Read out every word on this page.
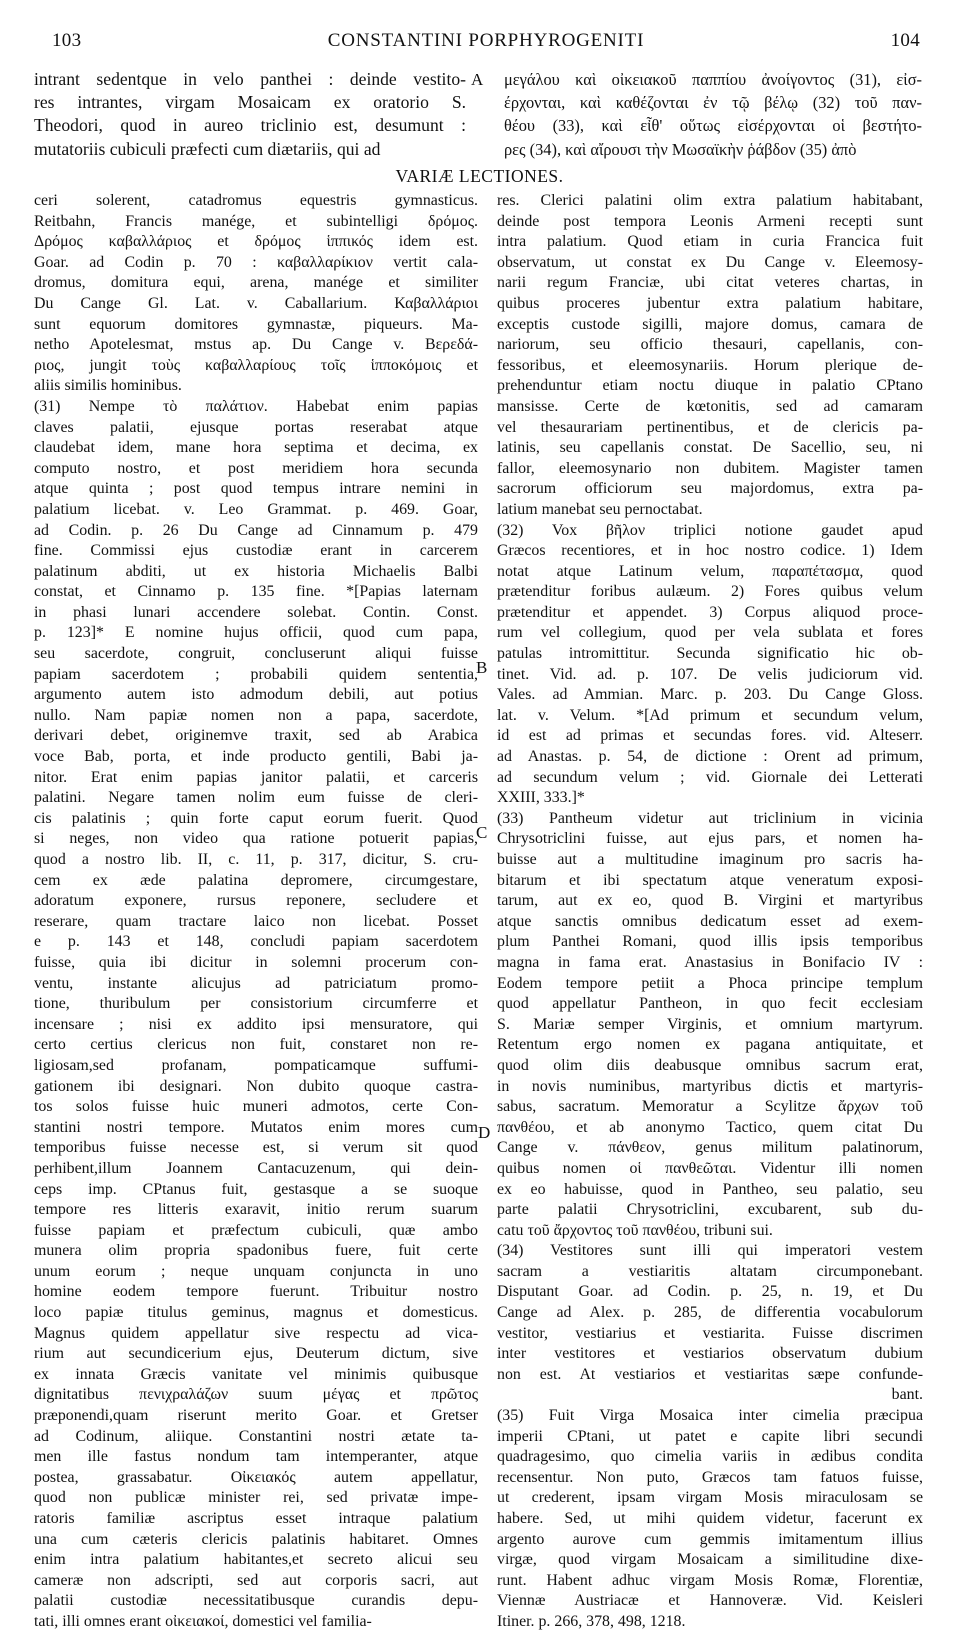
103	CONSTANTINI PORPHYROGENITI	104
intrant sedentque in velo panthei : deinde vestito-
res intrantes, virgam Mosaicam ex oratorio S.
Theodori, quod in aureo triclinio est, desumunt :
mutatoriis cubiculi præfecti cum diætariis, qui ad
μεγάλου καὶ οἰκειακοῦ παππίου ἀνοίγοντος (31), εἰσ-
έρχονται, καὶ καθέζονται ἐν τῷ βέλῳ (32) τοῦ παν-
θέου (33), καὶ εἶθ' οὕτως εἰσέρχονται οἱ βεστήτο-
ρες (34), καὶ αἴρουσι τὴν Μωσαϊκὴν ῥάβδον (35) ἀπὸ
VARIÆ LECTIONES.
ceri solerent, catadromus equestris gymnasticus.
Reitbahn, Francis manége, et subintelligi δρόμος.
Δρόμος καβαλλάριος et δρόμος ἱππικός idem est.
Goar. ad Codin p. 70 : καβαλλαρίκιον vertit cala-
dromus, domitura equi, arena, manége et similiter
Du Cange Gl. Lat. v. Caballarium. Καβαλλάριοι
sunt equorum domitores gymnastæ, piqueurs. Ma-
netho Apotelesmat, mstus ap. Du Cange v. Βερεδά-
ριος, jungit τοὺς καβαλλαρίους τοῖς ἱπποκόμοις et
aliis similis hominibus.
(31) Nempe τὸ παλάτιον. Habebat enim papias
claves palatii, ejusque portas reserabat atque
claudebat idem, mane hora septima et decima, ex
computo nostro, et post meridiem hora secunda
atque quinta ; post quod tempus intrare nemini in
palatium licebat. v. Leo Grammat. p. 469. Goar,
ad Codin. p. 26 Du Cange ad Cinnamum p. 479
fine. Commissi ejus custodiæ erant in carcerem
palatinum abditi, ut ex historia Michaelis Balbi
constat, et Cinnamo p. 135 fine. *[Papias laternam
in phasi lunari accendere solebat. Contin. Const.
p. 123]* E nomine hujus officii, quod cum papa,
seu sacerdote, congruit, concluserunt aliqui fuisse
papiam sacerdotem ; probabili quidem sententia,
argumento autem isto admodum debili, aut potius
nullo. Nam papiæ nomen non a papa, sacerdote,
derivari debet, originemve traxit, sed ab Arabica
voce Bab, porta, et inde producto gentili, Babi ja-
nitor. Erat enim papias janitor palatii, et carceris
palatini. Negare tamen nolim eum fuisse de cleri-
cis palatinis ; quin forte caput eorum fuerit. Quod
si neges, non video qua ratione potuerit papias,
quod a nostro lib. II, c. 11, p. 317, dicitur, S. cru-
cem ex æde palatina depromere, circumgestare,
adoratum exponere, rursus reponere, secludere et
reserare, quam tractare laico non licebat. Posset
e p. 143 et 148, concludi papiam sacerdotem
fuisse, quia ibi dicitur in solemni procerum con-
ventu, instante alicujus ad patriciatum promo-
tione, thuribulum per consistorium circumferre et
incensare ; nisi ex addito ipsi mensuratore, qui
certo certius clericus non fuit, constaret non re-
ligiosam,sed profanam, pompaticamque suffumi-
gationem ibi designari. Non dubito quoque castra-
tos solos fuisse huic muneri admotos, certe Con-
stantini nostri tempore. Mutatos enim mores cum
temporibus fuisse necesse est, si verum sit quod
perhibent,illum Joannem Cantacuzenum, qui dein-
ceps imp. CPtanus fuit, gestasque a se suoque
tempore res litteris exaravit, initio rerum suarum
fuisse papiam et præfectum cubiculi, quæ ambo
munera olim propria spadonibus fuere, fuit certe
unum eorum ; neque unquam conjuncta in uno
homine eodem tempore fuerunt. Tribuitur nostro
loco papiæ titulus geminus, magnus et domesticus.
Magnus quidem appellatur sive respectu ad vica-
rium aut secundicerium ejus, Deuterum dictum, sive
ex innata Græcis vanitate vel minimis quibusque
dignitatibus πενιχραλάζων suum μέγας et πρῶτος
præponendi,quam riserunt merito Goar. et Gretser
ad Codinum, aliique. Constantini nostri ætate ta-
men ille fastus nondum tam intemperanter, atque
postea, grassabatur. Οἰκειακός autem appellatur,
quod non publicæ minister rei, sed privatæ impe-
ratoris familiæ ascriptus esset intraque palatium
una cum cæteris clericis palatinis habitaret. Omnes
enim intra palatium habitantes,et secreto alicui seu
cameræ non adscripti, sed aut corporis sacri, aut
palatii custodiæ necessitatibusque curandis depu-
tati, illi omnes erant οἰκειακοί, domestici vel familia-
res. Clerici palatini olim extra palatium habitabant,
deinde post tempora Leonis Armeni recepti sunt
intra palatium. Quod etiam in curia Francica fuit
observatum, ut constat ex Du Cange v. Eleemosy-
narii regum Franciæ, ubi citat veteres chartas, in
quibus proceres jubentur extra palatium habitare,
exceptis custode sigilli, majore domus, camara de
nariorum, seu officio thesauri, capellanis, con-
fessoribus, et eleemosynariis. Horum plerique de-
prehenduntur etiam noctu diuque in palatio CPtano
mansisse. Certe de kœtonitis, sed ad camaram
vel thesaurariam pertinentibus, et de clericis pa-
latinis, seu capellanis constat. De Sacellio, seu, ni
fallor, eleemosynario non dubitem. Magister tamen
sacrorum officiorum seu majordomus, extra pa-
latium manebat seu pernoctabat.
(32) Vox βῆλον triplici notione gaudet apud
Græcos recentiores, et in hoc nostro codice. 1) Idem
notat atque Latinum velum, παραπέτασμα, quod
prætenditur foribus aulæum. 2) Fores quibus velum
prætenditur et appendet. 3) Corpus aliquod proce-
rum vel collegium, quod per vela sublata et fores
patulas intromittitur. Secunda significatio hic ob-
tinet. Vid. ad. p. 107. De velis judiciorum vid.
Vales. ad Ammian. Marc. p. 203. Du Cange Gloss.
lat. v. Velum. *[Ad primum et secundum velum,
id est ad primas et secundas fores. vid. Alteserr.
ad Anastas. p. 54, de dictione : Orent ad primum,
ad secundum velum ; vid. Giornale dei Letterati
XXIII, 333.]*
(33) Pantheum videtur aut triclinium in vicinia
Chrysotriclini fuisse, aut ejus pars, et nomen ha-
buisse aut a multitudine imaginum pro sacris ha-
bitarum et ibi spectatum atque veneratum exposi-
tarum, aut ex eo, quod B. Virgini et martyribus
atque sanctis omnibus dedicatum esset ad exem-
plum Panthei Romani, quod illis ipsis temporibus
magna in fama erat. Anastasius in Bonifacio IV :
Eodem tempore petiit a Phoca principe templum
quod appellatur Pantheon, in quo fecit ecclesiam
S. Mariæ semper Virginis, et omnium martyrum.
Retentum ergo nomen ex pagana antiquitate, et
quod olim diis deabusque omnibus sacrum erat,
in novis numinibus, martyribus dictis et martyris-
sabus, sacratum. Memoratur a Scylitze ἄρχων τοῦ
πανθέου, et ab anonymo Tactico, quem citat Du
Cange v. πάνθεον, genus militum palatinorum,
quibus nomen οἱ πανθεῶται. Videntur illi nomen
ex eo habuisse, quod in Pantheo, seu palatio, seu
parte palatii Chrysotriclini, excubarent, sub du-
catu τοῦ ἄρχοντος τοῦ πανθέου, tribuni sui.
(34) Vestitores sunt illi qui imperatori vestem
sacram a vestiaritis altatam circumponebant.
Disputant Goar. ad Codin. p. 25, n. 19, et Du
Cange ad Alex. p. 285, de differentia vocabulorum
vestitor, vestiarius et vestiarita. Fuisse discrimen
inter vestitores et vestiarios observatum dubium
non est. At vestiarios et vestiaritas sæpe confunde-
bant.
(35) Fuit Virga Mosaica inter cimelia præcipua
imperii CPtani, ut patet e capite libri secundi
quadragesimo, quo cimelia variis in ædibus condita
recensentur. Non puto, Græcos tam fatuos fuisse,
ut crederent, ipsam virgam Mosis miraculosam se
habere. Sed, ut mihi quidem videtur, facerunt ex
argento aurove cum gemmis imitamentum illius
virgæ, quod virgam Mosaicam a similitudine dixe-
runt. Habent adhuc virgam Mosis Romæ, Florentiæ,
Viennæ Austriacæ et Hannoveræ. Vid. Keisleri
Itiner. p. 266, 378, 498, 1218.
A
B
C
D
